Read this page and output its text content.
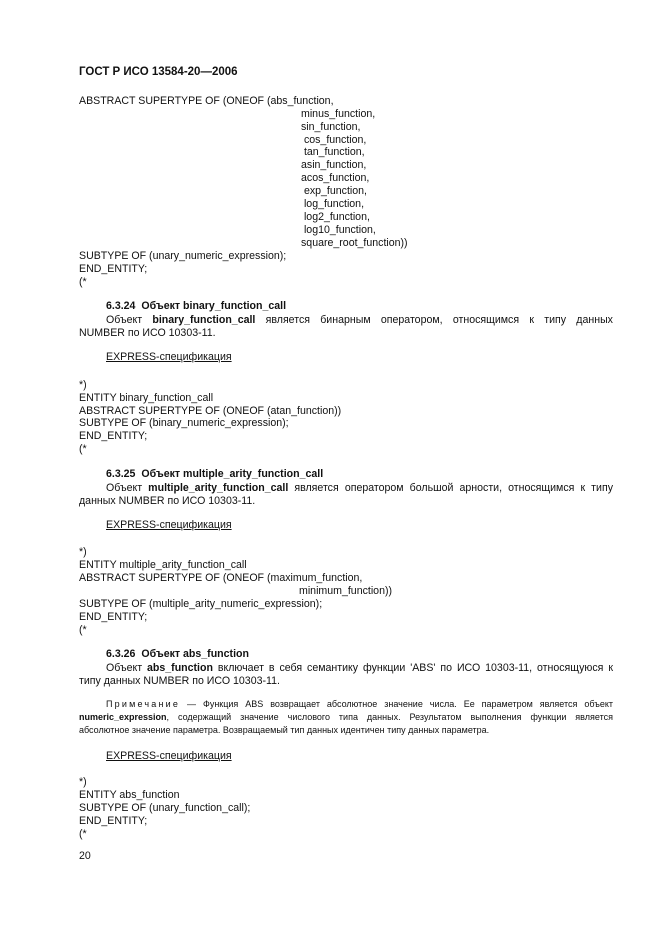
ГОСТ Р ИСО 13584-20—2006
ABSTRACT SUPERTYPE OF (ONEOF (abs_function,
minus_function,
sin_function,
cos_function,
tan_function,
asin_function,
acos_function,
exp_function,
log_function,
log2_function,
log10_function,
square_root_function))
SUBTYPE OF (unary_numeric_expression);
END_ENTITY;
(*
6.3.24  Объект binary_function_call
Объект binary_function_call является бинарным оператором, относящимся к типу данных
NUMBER по ИСО 10303-11.
EXPRESS-спецификация
*)
ENTITY binary_function_call
ABSTRACT SUPERTYPE OF (ONEOF (atan_function))
SUBTYPE OF (binary_numeric_expression);
END_ENTITY;
(*
6.3.25  Объект multiple_arity_function_call
Объект multiple_arity_function_call является оператором большой арности, относящимся к типу
данных NUMBER по ИСО 10303-11.
EXPRESS-спецификация
*)
ENTITY multiple_arity_function_call
ABSTRACT SUPERTYPE OF (ONEOF (maximum_function,
minimum_function))
SUBTYPE OF (multiple_arity_numeric_expression);
END_ENTITY;
(*
6.3.26  Объект abs_function
Объект abs_function включает в себя семантику функции 'ABS' по ИСО 10303-11, относящуюся к
типу данных NUMBER по ИСО 10303-11.
Примечание — Функция ABS возвращает абсолютное значение числа. Ее параметром является объект
numeric_expression, содержащий значение числового типа данных. Результатом выполнения функции является
абсолютное значение параметра. Возвращаемый тип данных идентичен типу данных параметра.
EXPRESS-спецификация
*)
ENTITY abs_function
SUBTYPE OF (unary_function_call);
END_ENTITY;
(*
20
